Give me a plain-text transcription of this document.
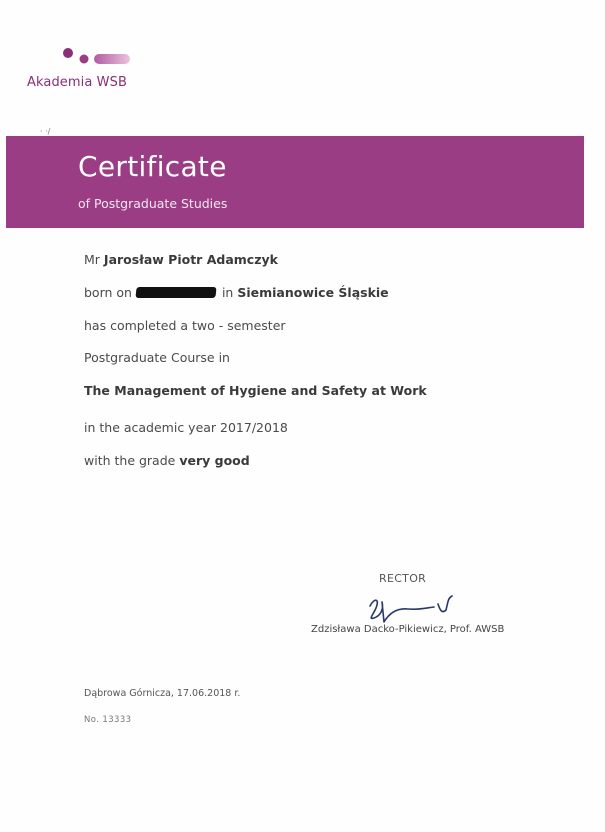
Akademia WSB
· ·/
Certificate
of Postgraduate Studies
Mr Jarosław Piotr Adamczyk
born on	in Siemianowice Śląskie
has completed a two - semester
Postgraduate Course in
The Management of Hygiene and Safety at Work
in the academic year 2017/2018
with the grade very good
RECTOR
Zdzisława Dacko-Pikiewicz, Prof. AWSB
Dąbrowa Górnicza, 17.06.2018 r.
No. 13333
